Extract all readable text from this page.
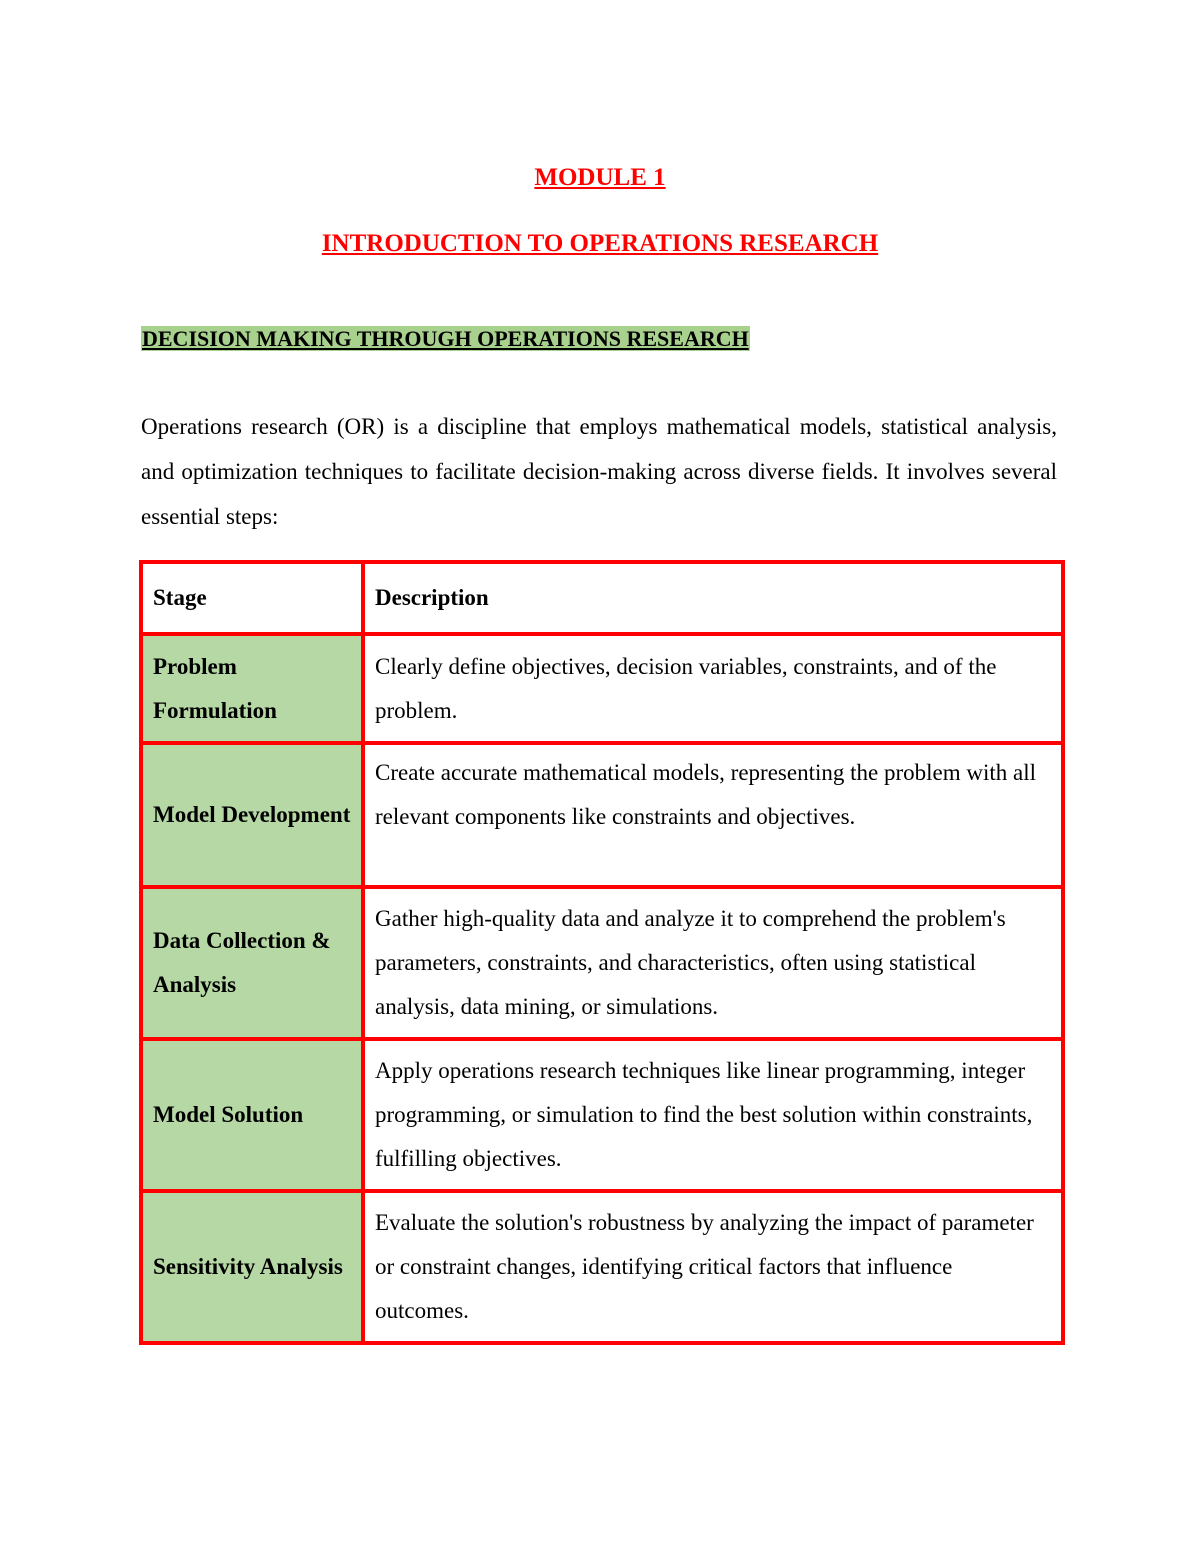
MODULE 1
INTRODUCTION TO OPERATIONS RESEARCH
DECISION MAKING THROUGH OPERATIONS RESEARCH

Operations research (OR) is a discipline that employs mathematical models, statistical analysis, and optimization techniques to facilitate decision-making across diverse fields. It involves several essential steps:

Stage	Description
Problem Formulation	Clearly define objectives, decision variables, constraints, and of the problem.
Model Development	Create accurate mathematical models, representing the problem with all relevant components like constraints and objectives.
Data Collection & Analysis	Gather high-quality data and analyze it to comprehend the problem's parameters, constraints, and characteristics, often using statistical analysis, data mining, or simulations.
Model Solution	Apply operations research techniques like linear programming, integer programming, or simulation to find the best solution within constraints, fulfilling objectives.
Sensitivity Analysis	Evaluate the solution's robustness by analyzing the impact of parameter or constraint changes, identifying critical factors that influence outcomes.
